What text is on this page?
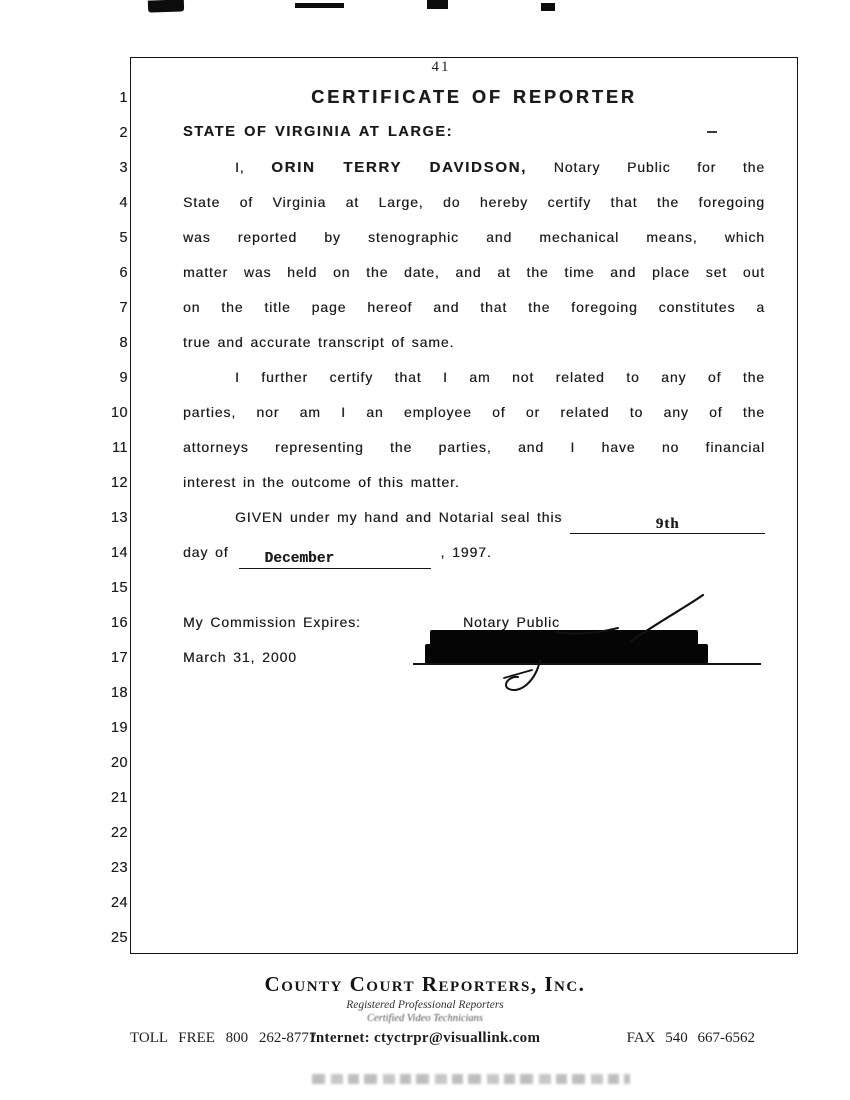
41
1	CERTIFICATE OF REPORTER
2	STATE OF VIRGINIA AT LARGE:
3	I, ORIN TERRY DAVIDSON, Notary Public for the
4	State of Virginia at Large, do hereby certify that the foregoing
5	was reported by stenographic and mechanical means, which
6	matter was held on the date, and at the time and place set out
7	on the title page hereof and that the foregoing constitutes a
8	true and accurate transcript of same.
9	I further certify that I am not related to any of the
10	parties, nor am I an employee of or related to any of the
11	attorneys representing the parties, and I have no financial
12	interest in the outcome of this matter.
13	GIVEN under my hand and Notarial seal this	9th
14	day of December	, 1997.
15
16	My Commission Expires:	Notary Public
17	March 31, 2000
18
19
20
21
22
23
24
25
County Court Reporters, Inc.
Registered Professional Reporters
Certified Video Technicians
TOLL FREE 800 262-8777
Internet: ctyctrpr@visuallink.com	FAX 540 667-6562
